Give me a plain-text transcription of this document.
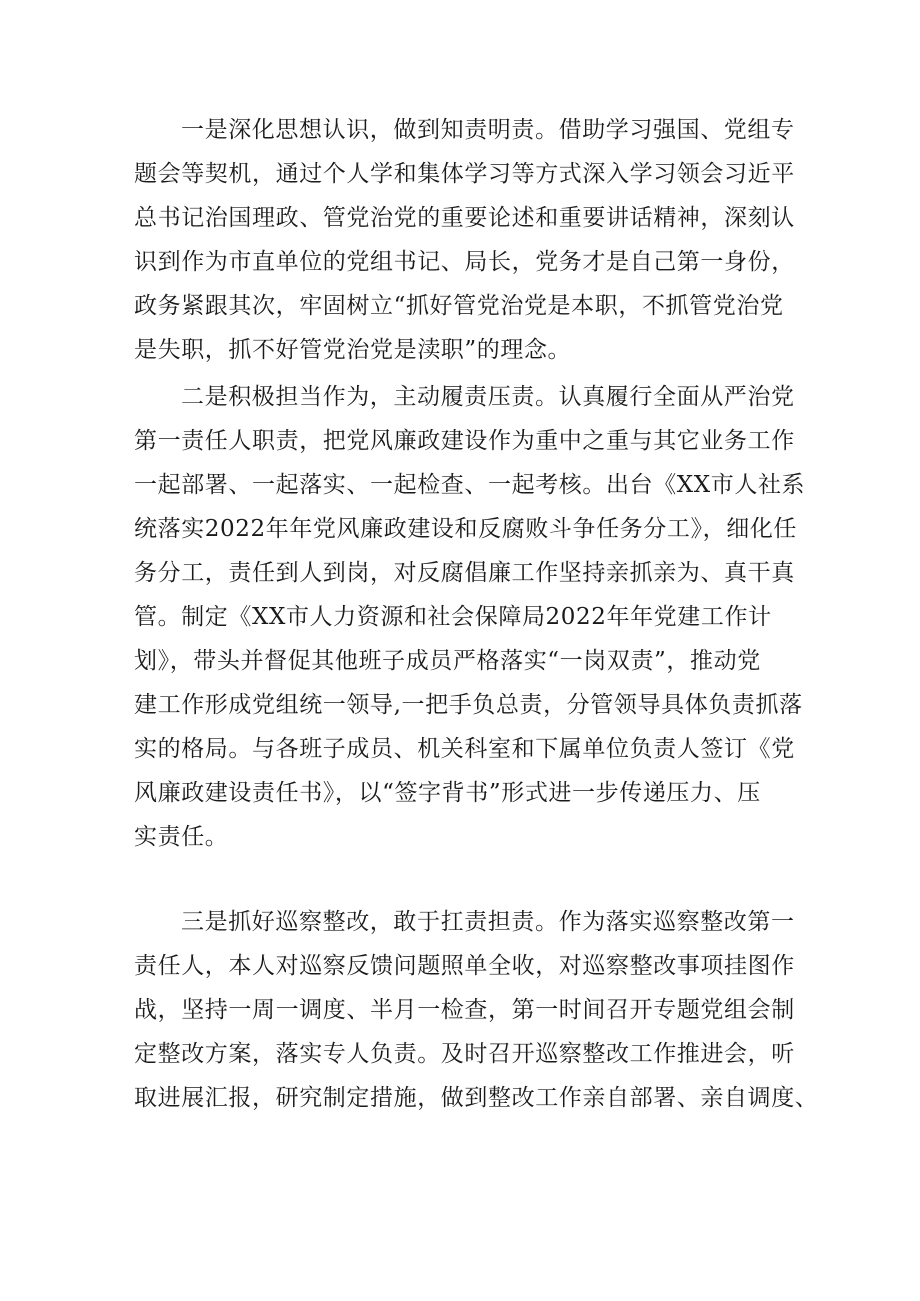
一是深化思想认识，做到知责明责。借助学习强国、党组专
题会等契机，通过个人学和集体学习等方式深入学习领会习近平
总书记治国理政、管党治党的重要论述和重要讲话精神，深刻认
识到作为市直单位的党组书记、局长，党务才是自己第一身份，
政务紧跟其次，牢固树立“抓好管党治党是本职，不抓管党治党
是失职，抓不好管党治党是渎职”的理念。
二是积极担当作为，主动履责压责。认真履行全面从严治党
第一责任人职责，把党风廉政建设作为重中之重与其它业务工作
一起部署、一起落实、一起检查、一起考核。出台《XX市人社系
统落实2022年年党风廉政建设和反腐败斗争任务分工》，细化任
务分工，责任到人到岗，对反腐倡廉工作坚持亲抓亲为、真干真
管。制定《XX市人力资源和社会保障局2022年年党建工作计
划》，带头并督促其他班子成员严格落实“一岗双责”，推动党
建工作形成党组统一领导,一把手负总责，分管领导具体负责抓落
实的格局。与各班子成员、机关科室和下属单位负责人签订《党
风廉政建设责任书》，以“签字背书”形式进一步传递压力、压
实责任。
三是抓好巡察整改，敢于扛责担责。作为落实巡察整改第一
责任人，本人对巡察反馈问题照单全收，对巡察整改事项挂图作
战，坚持一周一调度、半月一检查，第一时间召开专题党组会制
定整改方案，落实专人负责。及时召开巡察整改工作推进会，听
取进展汇报，研究制定措施，做到整改工作亲自部署、亲自调度、
